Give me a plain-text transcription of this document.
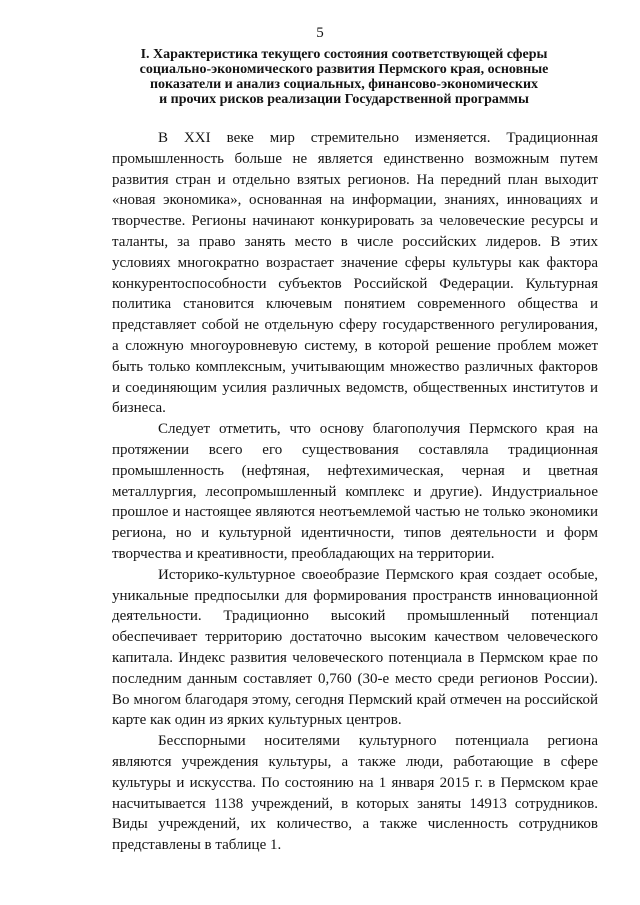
5
I. Характеристика текущего состояния соответствующей сферы
социально-экономического развития Пермского края, основные
показатели и анализ социальных, финансово-экономических
и прочих рисков реализации Государственной программы

В XXI веке мир стремительно изменяется. Традиционная промышленность больше не является единственно возможным путем развития стран и отдельно взятых регионов. На передний план выходит «новая экономика», основанная на информации, знаниях, инновациях и творчестве. Регионы начинают конкурировать за человеческие ресурсы и таланты, за право занять место в числе российских лидеров. В этих условиях многократно возрастает значение сферы культуры как фактора конкурентоспособности субъектов Российской Федерации. Культурная политика становится ключевым понятием современного общества и представляет собой не отдельную сферу государственного регулирования, а сложную многоуровневую систему, в которой решение проблем может быть только комплексным, учитывающим множество различных факторов и соединяющим усилия различных ведомств, общественных институтов и бизнеса.

Следует отметить, что основу благополучия Пермского края на протяжении всего его существования составляла традиционная промышленность (нефтяная, нефтехимическая, черная и цветная металлургия, лесопромышленный комплекс и другие). Индустриальное прошлое и настоящее являются неотъемлемой частью не только экономики региона, но и культурной идентичности, типов деятельности и форм творчества и креативности, преобладающих на территории.

Историко-культурное своеобразие Пермского края создает особые, уникальные предпосылки для формирования пространств инновационной деятельности. Традиционно высокий промышленный потенциал обеспечивает территорию достаточно высоким качеством человеческого капитала. Индекс развития человеческого потенциала в Пермском крае по последним данным составляет 0,760 (30-е место среди регионов России). Во многом благодаря этому, сегодня Пермский край отмечен на российской карте как один из ярких культурных центров.

Бесспорными носителями культурного потенциала региона являются учреждения культуры, а также люди, работающие в сфере культуры и искусства. По состоянию на 1 января 2015 г. в Пермском крае насчитывается 1138 учреждений, в которых заняты 14913 сотрудников. Виды учреждений, их количество, а также численность сотрудников представлены в таблице 1.
